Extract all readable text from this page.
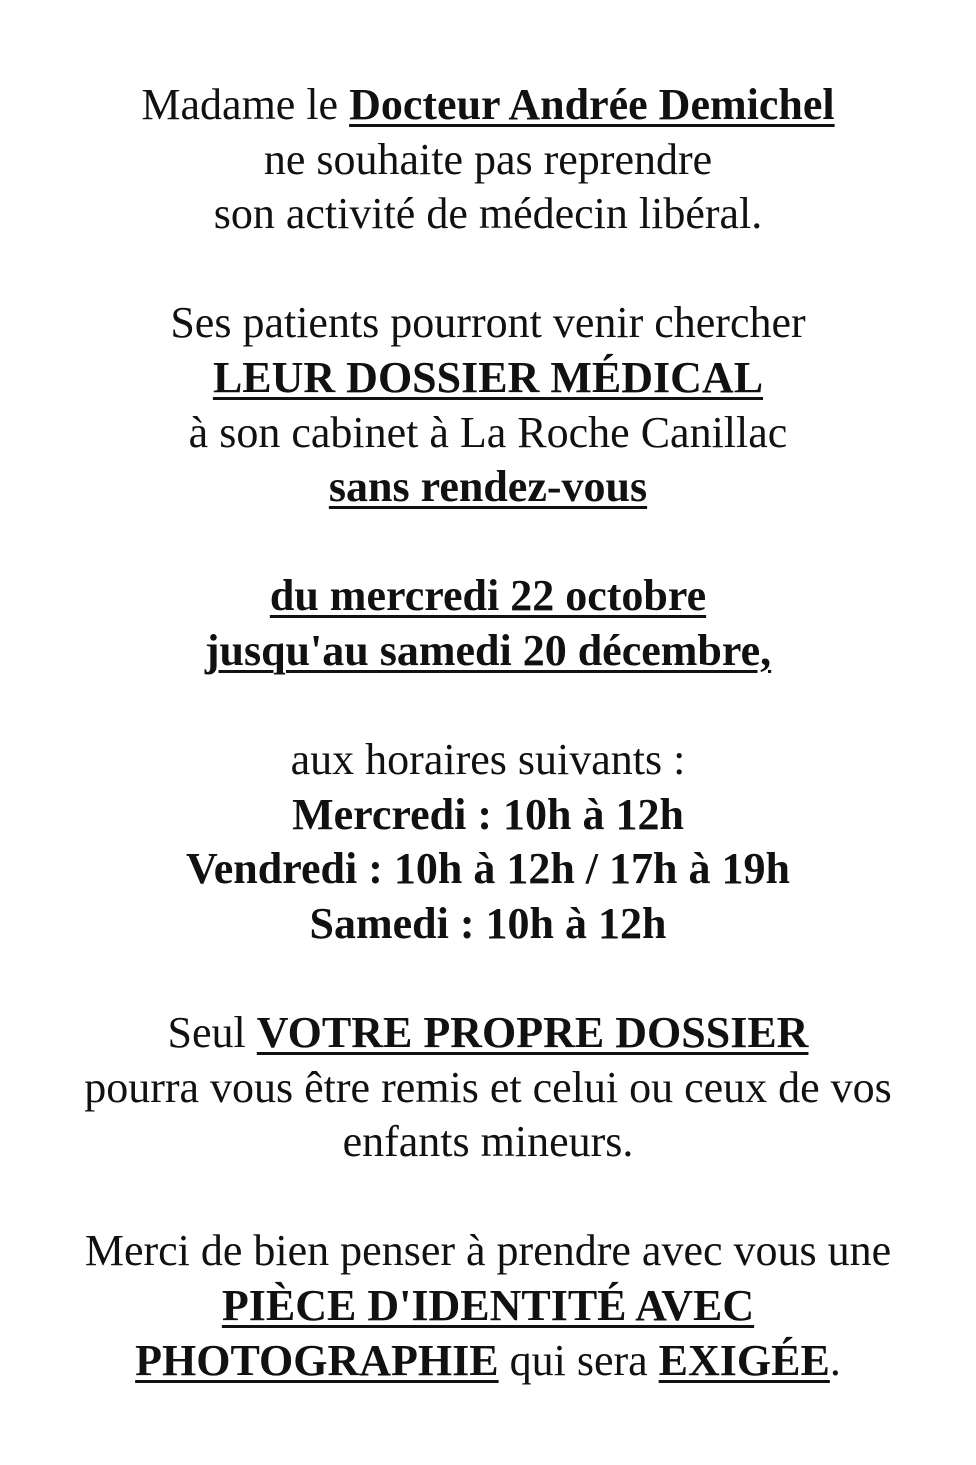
Madame le Docteur Andrée Demichel
ne souhaite pas reprendre
son activité de médecin libéral.
Ses patients pourront venir chercher
LEUR DOSSIER MÉDICAL
à son cabinet à La Roche Canillac
sans rendez-vous
du mercredi 22 octobre
jusqu'au samedi 20 décembre,
aux horaires suivants :
Mercredi : 10h à 12h
Vendredi : 10h à 12h / 17h à 19h
Samedi : 10h à 12h
Seul VOTRE PROPRE DOSSIER
pourra vous être remis et celui ou ceux de vos
enfants mineurs.
Merci de bien penser à prendre avec vous une
PIÈCE D'IDENTITÉ AVEC
PHOTOGRAPHIE qui sera EXIGÉE.
